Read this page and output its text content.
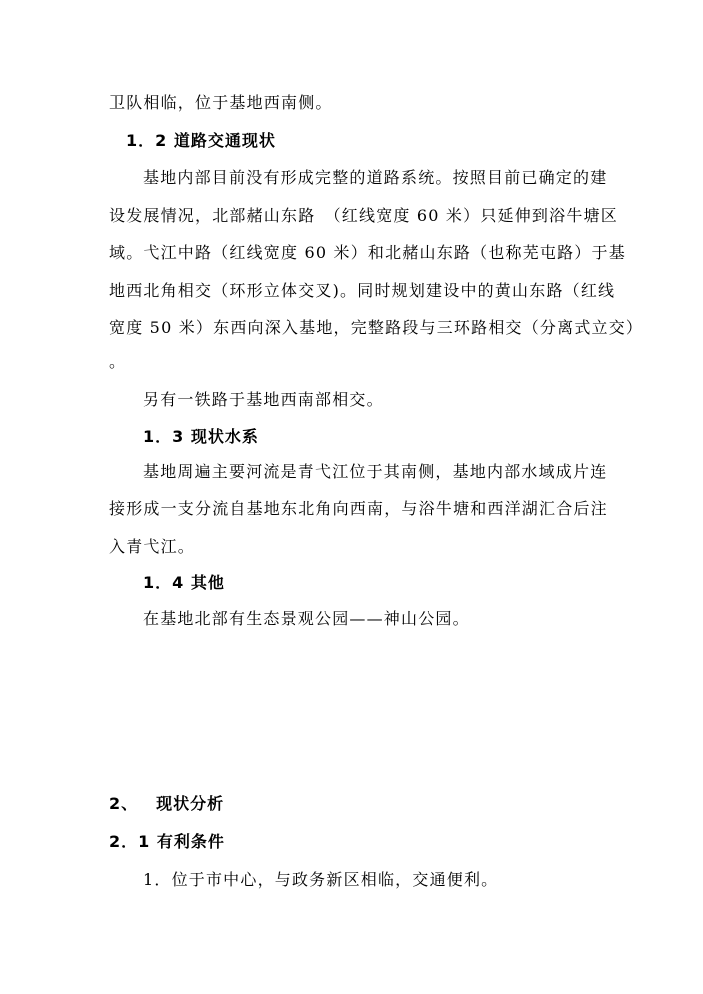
卫队相临，位于基地西南侧。
1．2 道路交通现状
基地内部目前没有形成完整的道路系统。按照目前已确定的建
设发展情况，北部赭山东路　（红线宽度 60 米）只延伸到浴牛塘区
域。弋江中路（红线宽度 60 米）和北赭山东路（也称芜屯路）于基
地西北角相交（环形立体交叉)。同时规划建设中的黄山东路（红线
宽度 50 米）东西向深入基地，完整路段与三环路相交（分离式立交）
。
另有一铁路于基地西南部相交。
1．3 现状水系
基地周遍主要河流是青弋江位于其南侧，基地内部水域成片连
接形成一支分流自基地东北角向西南，与浴牛塘和西洋湖汇合后注
入青弋江。
1．4 其他
在基地北部有生态景观公园——神山公园。
2、 现状分析
2．1 有利条件
1．位于市中心，与政务新区相临，交通便利。
